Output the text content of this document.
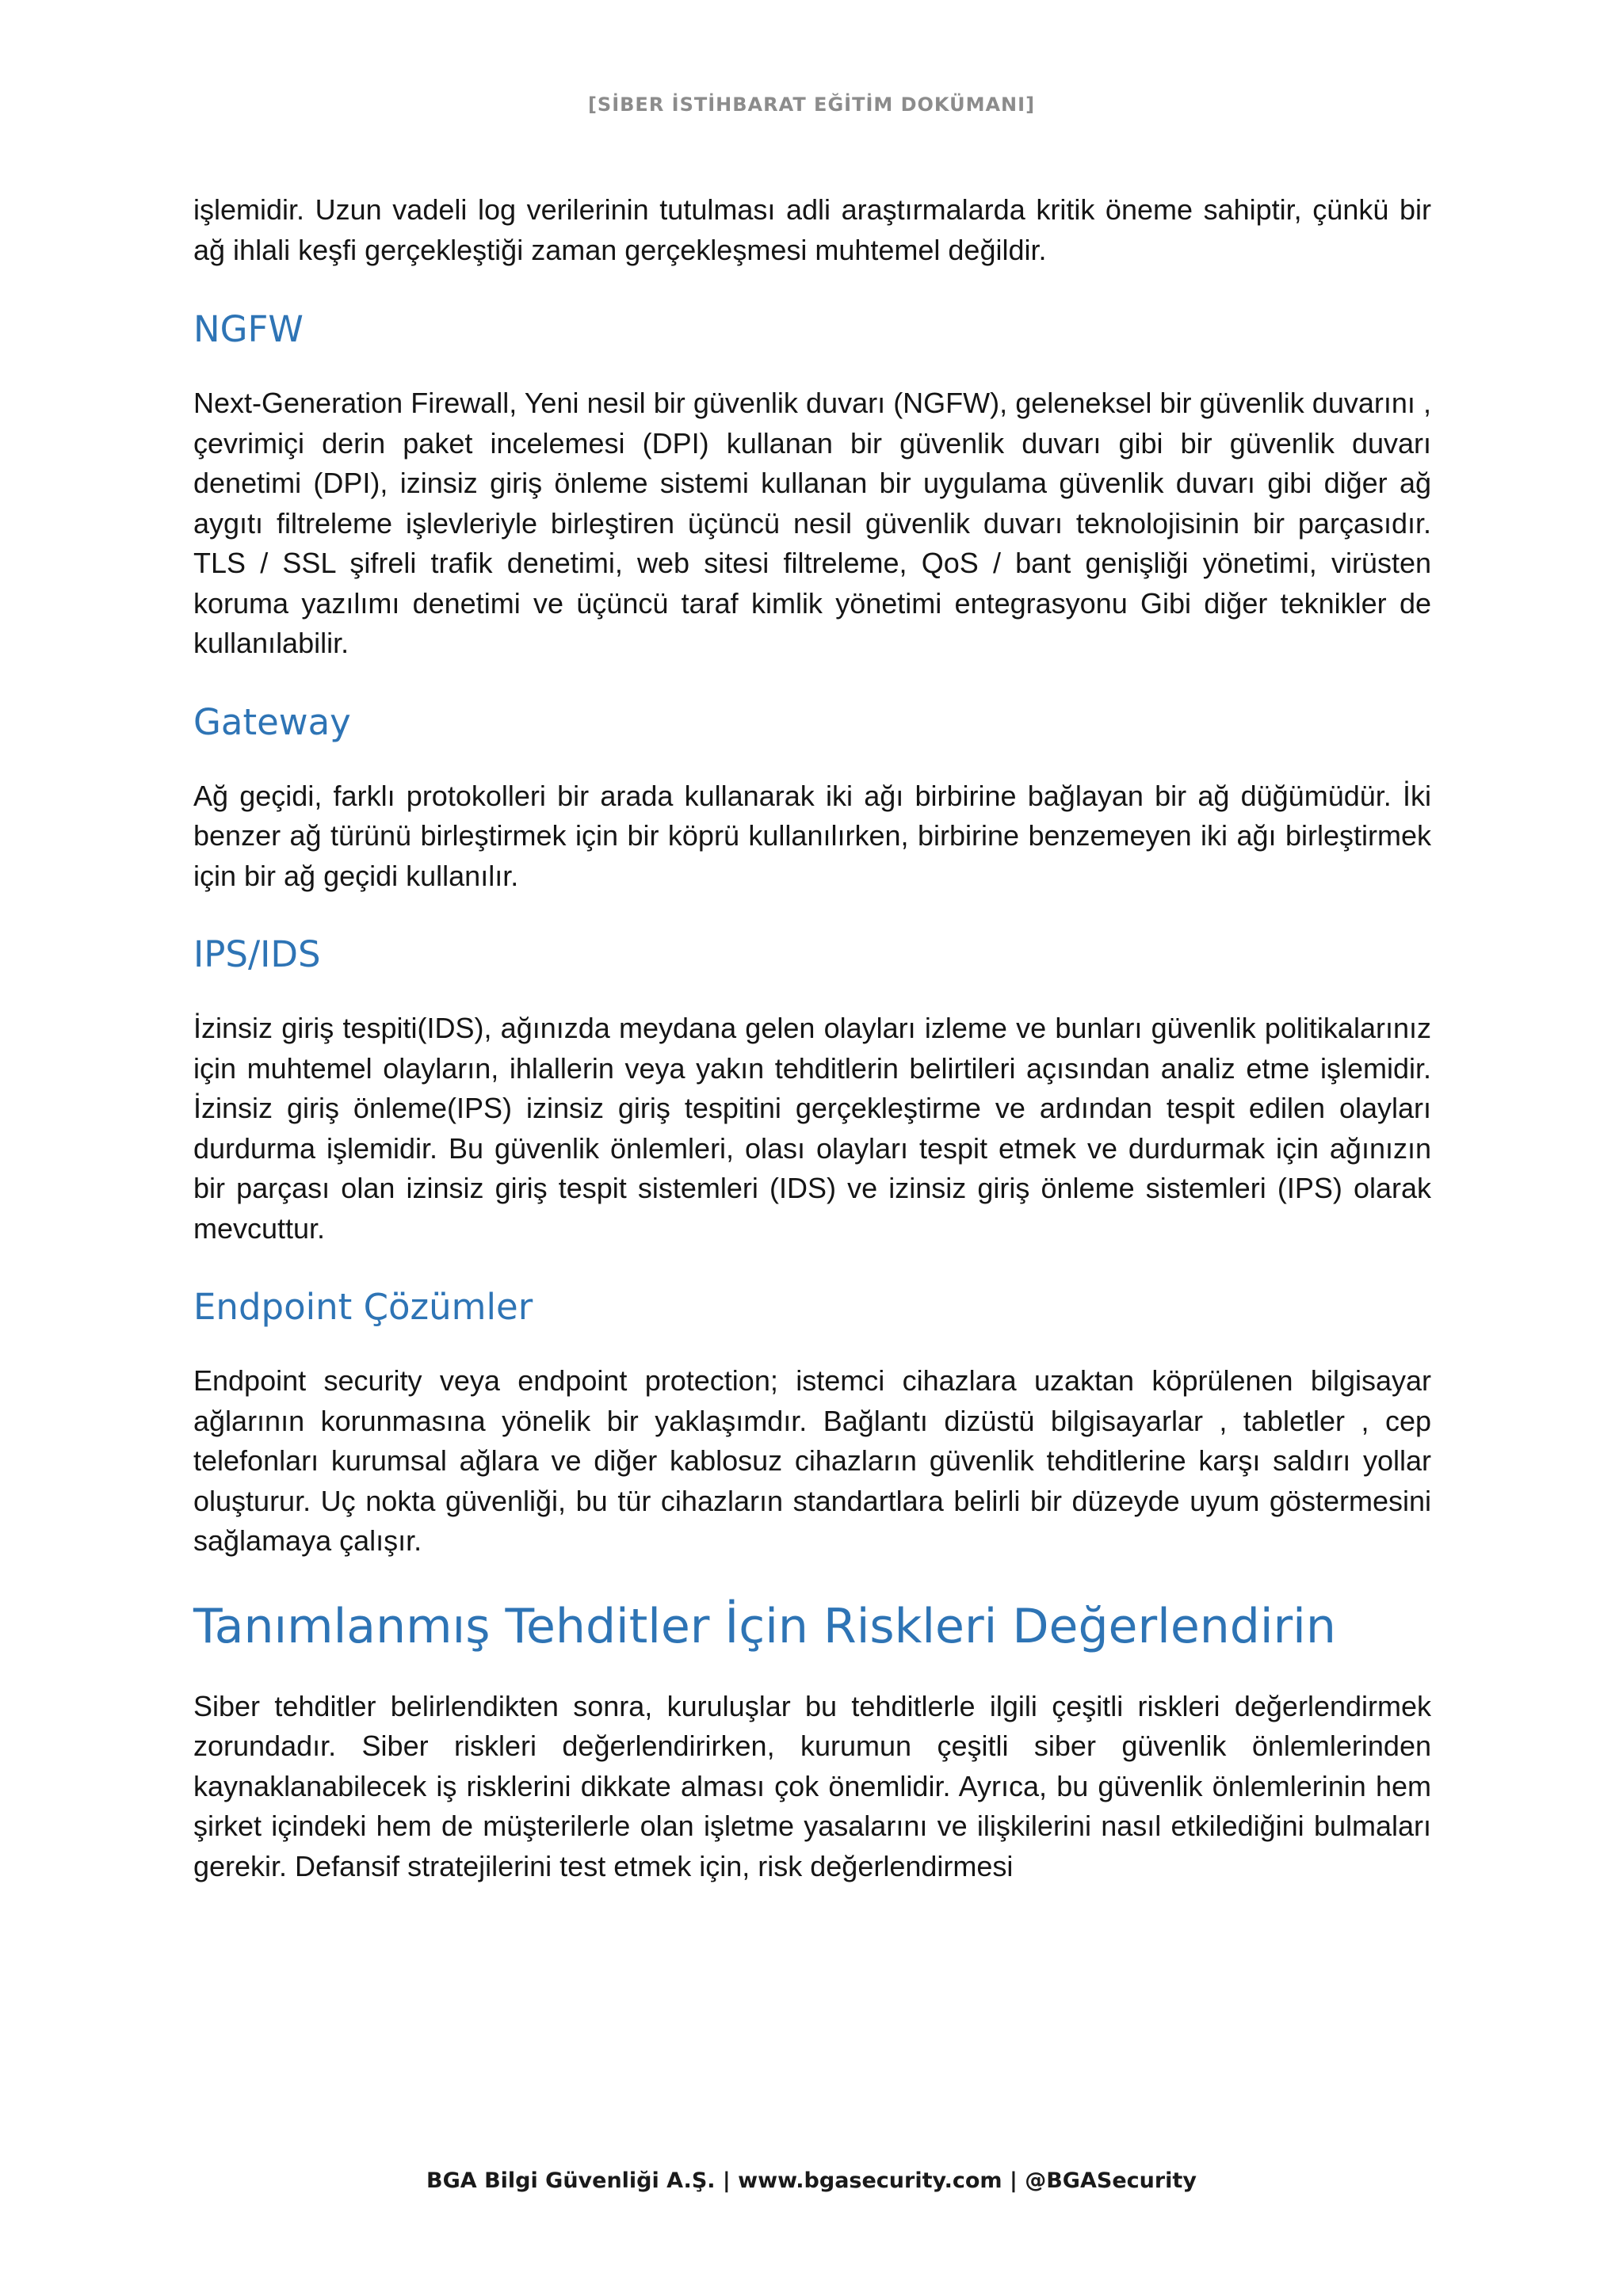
[SİBER İSTİHBARAT EĞİTİM DOKÜMANI]

işlemidir. Uzun vadeli log verilerinin tutulması adli araştırmalarda kritik öneme sahiptir, çünkü bir ağ ihlali keşfi gerçekleştiği zaman gerçekleşmesi muhtemel değildir.

NGFW

Next-Generation Firewall, Yeni nesil bir güvenlik duvarı (NGFW), geleneksel bir güvenlik duvarını , çevrimiçi derin paket incelemesi (DPI) kullanan bir güvenlik duvarı gibi bir güvenlik duvarı denetimi (DPI), izinsiz giriş önleme sistemi kullanan bir uygulama güvenlik duvarı gibi diğer ağ aygıtı filtreleme işlevleriyle birleştiren üçüncü nesil güvenlik duvarı teknolojisinin bir parçasıdır. TLS / SSL şifreli trafik denetimi, web sitesi filtreleme, QoS / bant genişliği yönetimi, virüsten koruma yazılımı denetimi ve üçüncü taraf kimlik yönetimi entegrasyonu Gibi diğer teknikler de kullanılabilir.

Gateway

Ağ geçidi, farklı protokolleri bir arada kullanarak iki ağı birbirine bağlayan bir ağ düğümüdür. İki benzer ağ türünü birleştirmek için bir köprü kullanılırken, birbirine benzemeyen iki ağı birleştirmek için bir ağ geçidi kullanılır.

IPS/IDS

İzinsiz giriş tespiti(IDS), ağınızda meydana gelen olayları izleme ve bunları güvenlik politikalarınız için muhtemel olayların, ihlallerin veya yakın tehditlerin belirtileri açısından analiz etme işlemidir. İzinsiz giriş önleme(IPS) izinsiz giriş tespitini gerçekleştirme ve ardından tespit edilen olayları durdurma işlemidir. Bu güvenlik önlemleri, olası olayları tespit etmek ve durdurmak için ağınızın bir parçası olan izinsiz giriş tespit sistemleri (IDS) ve izinsiz giriş önleme sistemleri (IPS) olarak mevcuttur.

Endpoint Çözümler

Endpoint security veya endpoint protection; istemci cihazlara uzaktan köprülenen bilgisayar ağlarının korunmasına yönelik bir yaklaşımdır. Bağlantı dizüstü bilgisayarlar , tabletler , cep telefonları kurumsal ağlara ve diğer kablosuz cihazların güvenlik tehditlerine karşı saldırı yollar oluşturur. Uç nokta güvenliği, bu tür cihazların standartlara belirli bir düzeyde uyum göstermesini sağlamaya çalışır.

Tanımlanmış Tehditler İçin Riskleri Değerlendirin

Siber tehditler belirlendikten sonra, kuruluşlar bu tehditlerle ilgili çeşitli riskleri değerlendirmek zorundadır. Siber riskleri değerlendirirken, kurumun çeşitli siber güvenlik önlemlerinden kaynaklanabilecek iş risklerini dikkate alması çok önemlidir. Ayrıca, bu güvenlik önlemlerinin hem şirket içindeki hem de müşterilerle olan işletme yasalarını ve ilişkilerini nasıl etkilediğini bulmaları gerekir. Defansif stratejilerini test etmek için, risk değerlendirmesi

BGA Bilgi Güvenliği A.Ş. | www.bgasecurity.com | @BGASecurity
